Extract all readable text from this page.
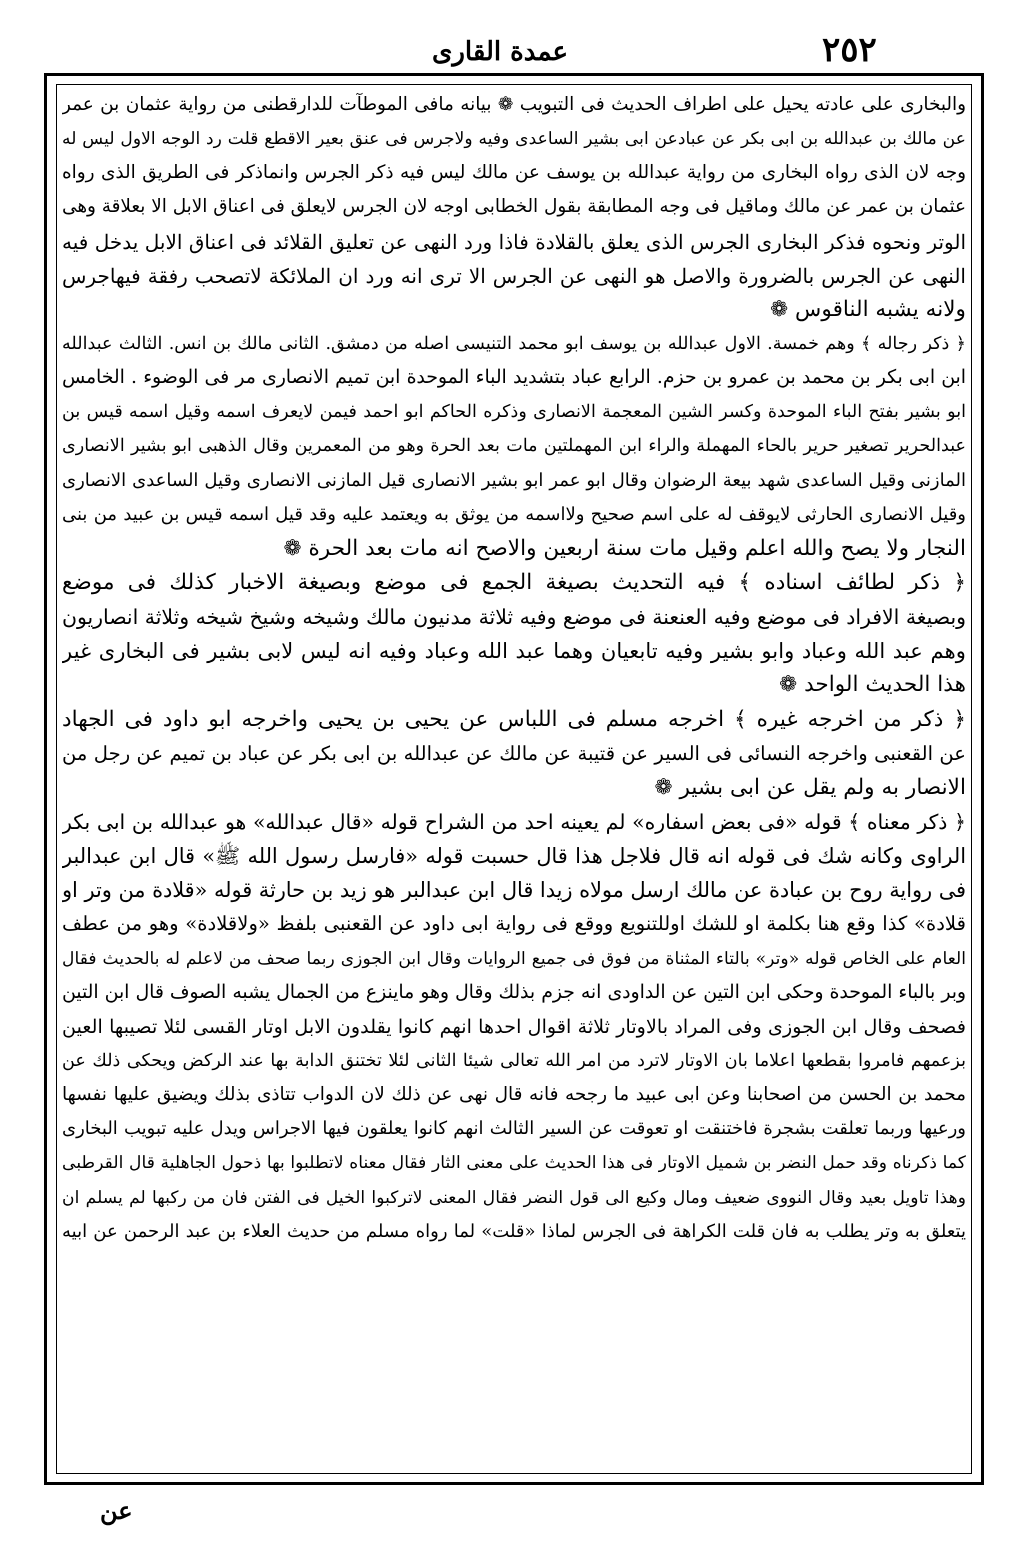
٢٥٢
عمدة القاری
والبخاری علی عادته یحیل علی اطراف الحدیث فی التبویب ❁ بیانه مافی الموطآت للدارقطنی من روایة عثمان بن عمر
عن مالك بن عبدالله بن ابی بکر عن عبادعن ابی بشیر الساعدی وفیه ولاجرس فی عنق بعیر الاقطع قلت رد الوجه الاول لیس له
وجه لان الذی رواه البخاری من روایة عبدالله بن یوسف عن مالك لیس فیه ذکر الجرس وانماذکر فی الطریق الذی رواه
عثمان بن عمر عن مالك وماقیل فی وجه المطابقة بقول الخطابی اوجه لان الجرس لایعلق فی اعناق الابل الا بعلاقة وهی
الوتر ونحوه فذکر البخاری الجرس الذی یعلق بالقلادة فاذا ورد النهی عن تعلیق القلائد فی اعناق الابل یدخل فیه
النهی عن الجرس بالضرورة والاصل هو النهی عن الجرس الا تری انه ورد ان الملائکة لاتصحب رفقة فیهاجرس
ولانه یشبه الناقوس ❁
﴿ ذکر رجاله ﴾ وهم خمسة. الاول عبدالله بن یوسف ابو محمد التنیسی اصله من دمشق. الثانی مالك بن انس. الثالث عبدالله
ابن ابی بکر بن محمد بن عمرو بن حزم. الرابع عباد بتشدید الباء الموحدة ابن تمیم الانصاری مر فی الوضوء . الخامس
ابو بشیر بفتح الباء الموحدة وکسر الشین المعجمة الانصاری وذکره الحاکم ابو احمد فیمن لایعرف اسمه وقیل اسمه قیس بن
عبدالحریر تصغیر حریر بالحاء المهملة والراء ابن المهملتین مات بعد الحرة وهو من المعمرین وقال الذهبی ابو بشیر الانصاری
المازنی وقیل الساعدی شهد بیعة الرضوان وقال ابو عمر ابو بشیر الانصاری قیل المازنی الانصاری وقیل الساعدی الانصاری
وقیل الانصاری الحارثی لایوقف له علی اسم صحیح ولااسمه من یوثق به ویعتمد علیه وقد قیل اسمه قیس بن عبید من بنی
النجار ولا یصح والله اعلم وقیل مات سنة اربعین والاصح انه مات بعد الحرة ❁
﴿ ذکر لطائف اسناده ﴾ فیه التحدیث بصیغة الجمع فی موضع وبصیغة الاخبار کذلك فی موضع
وبصیغة الافراد فی موضع وفیه العنعنة فی موضع وفیه ثلاثة مدنیون مالك وشیخه وشیخ شیخه وثلاثة انصاریون
وهم عبد الله وعباد وابو بشیر وفیه تابعیان وهما عبد الله وعباد وفیه انه لیس لابی بشیر فی البخاری غیر
هذا الحدیث الواحد ❁
﴿ ذکر من اخرجه غیره ﴾ اخرجه مسلم فی اللباس عن یحیی بن یحیی واخرجه ابو داود فی الجهاد
عن القعنبی واخرجه النسائی فی السیر عن قتیبة عن مالك عن عبدالله بن ابی بکر عن عباد بن تمیم عن رجل من
الانصار به ولم یقل عن ابی بشیر ❁
﴿ ذکر معناه ﴾ قوله «فی بعض اسفاره» لم یعینه احد من الشراح قوله «قال عبدالله» هو عبدالله بن ابی بکر
الراوی وکانه شك فی قوله انه قال فلاجل هذا قال حسبت قوله «فارسل رسول الله ﷺ» قال ابن عبدالبر
فی روایة روح بن عبادة عن مالك ارسل مولاه زیدا قال ابن عبدالبر هو زید بن حارثة قوله «قلادة من وتر او
قلادة» کذا وقع هنا بکلمة او للشك اوللتنویع ووقع فی روایة ابی داود عن القعنبی بلفظ «ولاقلادة» وهو من عطف
العام علی الخاص قوله «وتر» بالتاء المثناة من فوق فی جمیع الروایات وقال ابن الجوزی ربما صحف من لاعلم له بالحدیث فقال
وبر بالباء الموحدة وحکی ابن التین عن الداودی انه جزم بذلك وقال وهو ماینزع من الجمال یشبه الصوف قال ابن التین
فصحف وقال ابن الجوزی وفی المراد بالاوتار ثلاثة اقوال احدها انهم کانوا یقلدون الابل اوتار القسی لئلا تصیبها العین
بزعمهم فامروا بقطعها اعلاما بان الاوتار لاترد من امر الله تعالی شیئا الثانی لئلا تختنق الدابة بها عند الرکض ویحکی ذلك عن
محمد بن الحسن من اصحابنا وعن ابی عبید ما رجحه فانه قال نهی عن ذلك لان الدواب تتاذی بذلك ویضیق علیها نفسها
ورعیها وربما تعلقت بشجرة فاختنقت او تعوقت عن السیر الثالث انهم کانوا یعلقون فیها الاجراس ویدل علیه تبویب البخاری
کما ذکرناه وقد حمل النضر بن شمیل الاوتار فی هذا الحدیث علی معنی الثار فقال معناه لاتطلبوا بها ذحول الجاهلیة قال القرطبی
وهذا تاویل بعید وقال النووی ضعیف ومال وکیع الی قول النضر فقال المعنی لاترکبوا الخیل فی الفتن فان من رکبها لم یسلم ان
یتعلق به وتر یطلب به فان قلت الکراهة فی الجرس لماذا «قلت» لما رواه مسلم من حدیث العلاء بن عبد الرحمن عن ابیه
عن
